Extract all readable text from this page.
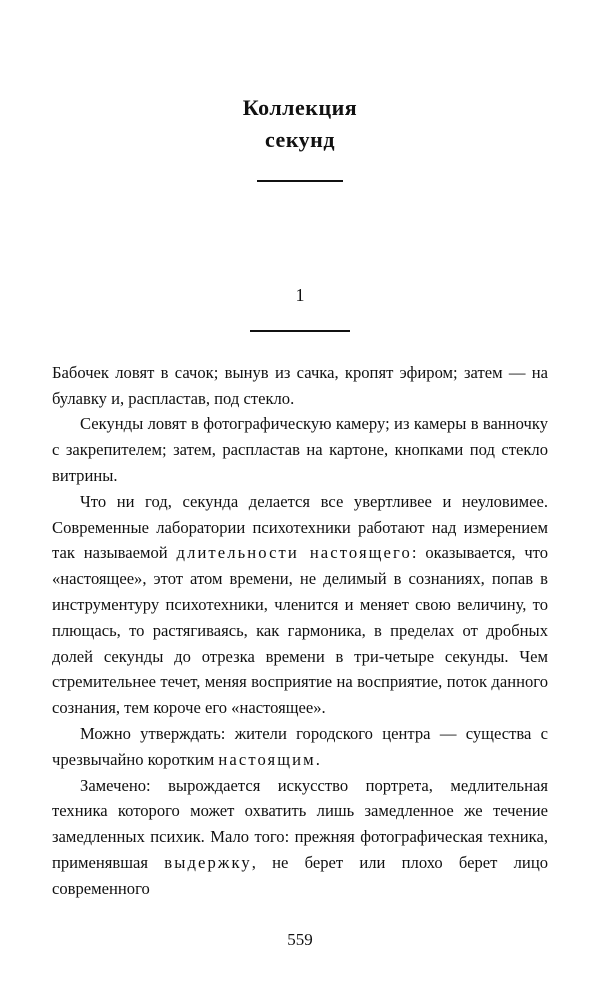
Коллекция
секунд
1

Бабочек ловят в сачок; вынув из сачка, кропят эфиром; затем — на булавку и, распластав, под стекло.

Секунды ловят в фотографическую камеру; из камеры в ванночку с закрепителем; затем, распластав на картоне, кнопками под стекло витрины.

Что ни год, секунда делается все увертливее и неуловимее. Современные лаборатории психотехники работают над измерением так называемой длительности настоящего: оказывается, что «настоящее», этот атом времени, не делимый в сознаниях, попав в инструментуру психотехники, членится и меняет свою величину, то плющась, то растягиваясь, как гармоника, в пределах от дробных долей секунды до отрезка времени в три-четыре секунды. Чем стремительнее течет, меняя восприятие на восприятие, поток данного сознания, тем короче его «настоящее».

Можно утверждать: жители городского центра — существа с чрезвычайно коротким настоящим.

Замечено: вырождается искусство портрета, медлительная техника которого может охватить лишь замедленное же течение замедленных психик. Мало того: прежняя фотографическая техника, применявшая выдержку, не берет или плохо берет лицо современного

559
